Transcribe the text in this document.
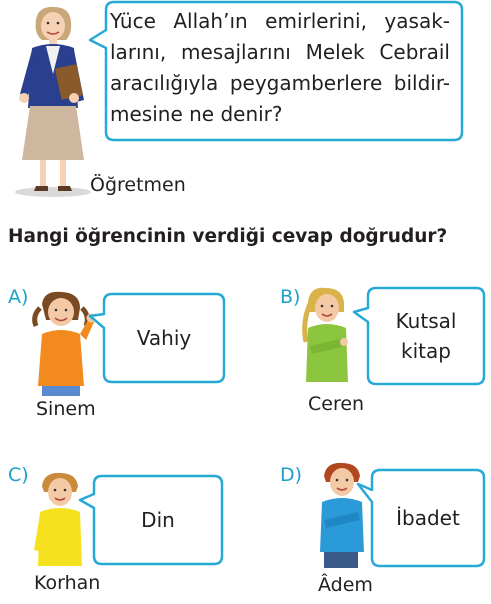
Yüce Allah’ın emirlerini, yasak-
larını, mesajlarını Melek Cebrail
aracılığıyla peygamberlere bildir-
mesine ne denir?
Öğretmen
Hangi öğrencinin verdiği cevap doğrudur?
A)
Vahiy
Sinem
B)
Kutsal
kitap
Ceren
C)
Din
Korhan
D)
İbadet
Âdem
